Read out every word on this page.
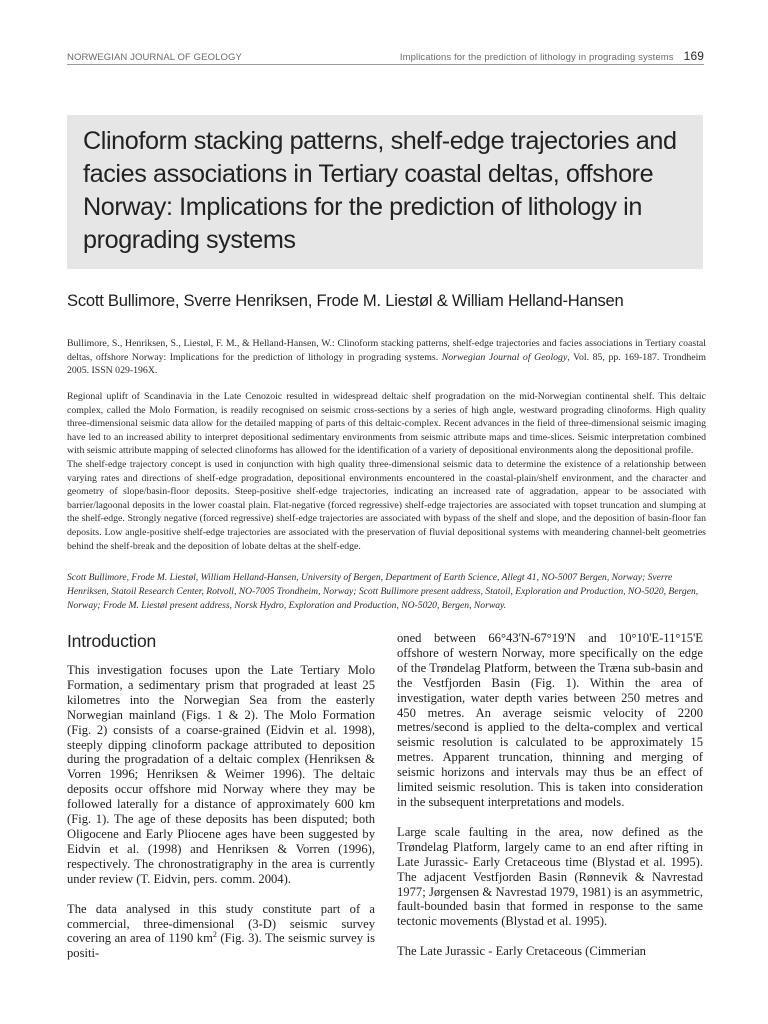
NORWEGIAN JOURNAL OF GEOLOGY	Implications for the prediction of lithology in prograding systems 169
Clinoform stacking patterns, shelf-edge trajectories and facies associations in Tertiary coastal deltas, offshore Norway: Implications for the prediction of lithology in prograding systems
Scott Bullimore, Sverre Henriksen, Frode M. Liestøl & William Helland-Hansen
Bullimore, S., Henriksen, S., Liestøl, F. M., & Helland-Hansen, W.: Clinoform stacking patterns, shelf-edge trajectories and facies associations in Tertiary coastal deltas, offshore Norway: Implications for the prediction of lithology in prograding systems. Norwegian Journal of Geology, Vol. 85, pp. 169-187. Trondheim 2005. ISSN 029-196X.

Regional uplift of Scandinavia in the Late Cenozoic resulted in widespread deltaic shelf progradation on the mid-Norwegian continental shelf. This deltaic complex, called the Molo Formation, is readily recognised on seismic cross-sections by a series of high angle, westward prograding clinoforms. High quality three-dimensional seismic data allow for the detailed mapping of parts of this deltaic-complex. Recent advances in the field of three-dimensional seismic imaging have led to an increased ability to interpret depositional sedimentary environments from seismic attribute maps and time-slices. Seismic interpretation combined with seismic attribute mapping of selected clinoforms has allowed for the identification of a variety of depositional environments along the depositional profile.

The shelf-edge trajectory concept is used in conjunction with high quality three-dimensional seismic data to determine the existence of a relationship between varying rates and directions of shelf-edge progradation, depositional environments encountered in the coastal-plain/shelf environment, and the character and geometry of slope/basin-floor deposits. Steep-positive shelf-edge trajectories, indicating an increased rate of aggradation, appear to be associated with barrier/lagoonal deposits in the lower coastal plain. Flat-negative (forced regressive) shelf-edge trajectories are associated with topset truncation and slumping at the shelf-edge. Strongly negative (forced regressive) shelf-edge trajectories are associated with bypass of the shelf and slope, and the deposition of basin-floor fan deposits. Low angle-positive shelf-edge trajectories are associated with the preservation of fluvial depositional systems with meandering channel-belt geometries behind the shelf-break and the deposition of lobate deltas at the shelf-edge.

Scott Bullimore, Frode M. Liestøl, William Helland-Hansen, University of Bergen, Department of Earth Science, Allegt 41, NO-5007 Bergen, Norway; Sverre Henriksen, Statoil Research Center, Rotvoll, NO-7005 Trondheim, Norway; Scott Bullimore present address, Statoil, Exploration and Production, NO-5020, Bergen, Norway; Frode M. Liestøl present address, Norsk Hydro, Exploration and Production, NO-5020, Bergen, Norway.
Introduction

This investigation focuses upon the Late Tertiary Molo Formation, a sedimentary prism that prograded at least 25 kilometres into the Norwegian Sea from the easterly Norwegian mainland (Figs. 1 & 2). The Molo Formation (Fig. 2) consists of a coarse-grained (Eidvin et al. 1998), steeply dipping clinoform package attributed to deposition during the progradation of a deltaic complex (Henriksen & Vorren 1996; Henriksen & Weimer 1996). The deltaic deposits occur offshore mid Norway where they may be followed laterally for a distance of approximately 600 km (Fig. 1). The age of these deposits has been disputed; both Oligocene and Early Pliocene ages have been suggested by Eidvin et al. (1998) and Henriksen & Vorren (1996), respectively. The chronostratigraphy in the area is currently under review (T. Eidvin, pers. comm. 2004).

The data analysed in this study constitute part of a commercial, three-dimensional (3-D) seismic survey covering an area of 1190 $km^2$ (Fig. 3). The seismic survey is positi-

oned between 66°43'N-67°19'N and 10°10'E-11°15'E offshore of western Norway, more specifically on the edge of the Trøndelag Platform, between the Træna sub-basin and the Vestfjorden Basin (Fig. 1). Within the area of investigation, water depth varies between 250 metres and 450 metres. An average seismic velocity of 2200 metres/second is applied to the delta-complex and vertical seismic resolution is calculated to be approximately 15 metres. Apparent truncation, thinning and merging of seismic horizons and intervals may thus be an effect of limited seismic resolution. This is taken into consideration in the subsequent interpretations and models.

Large scale faulting in the area, now defined as the Trøndelag Platform, largely came to an end after rifting in Late Jurassic- Early Cretaceous time (Blystad et al. 1995). The adjacent Vestfjorden Basin (Rønnevik & Navrestad 1977; Jørgensen & Navrestad 1979, 1981) is an asymmetric, fault-bounded basin that formed in response to the same tectonic movements (Blystad et al. 1995).

The Late Jurassic - Early Cretaceous (Cimmerian
